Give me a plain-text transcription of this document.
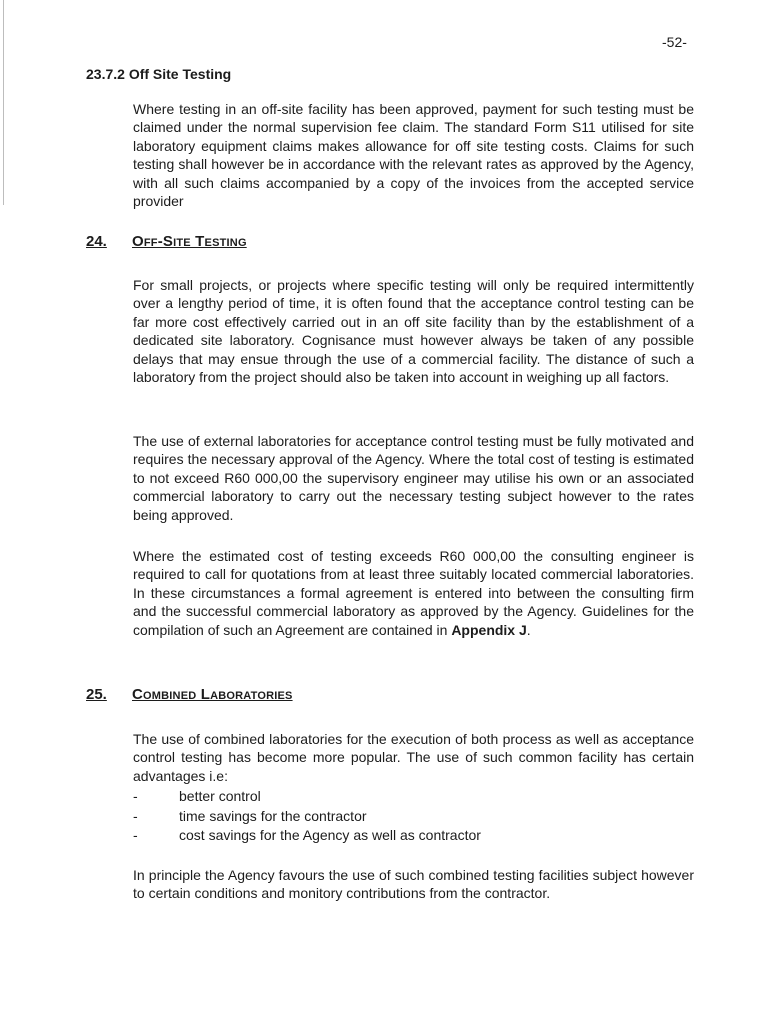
-52-
23.7.2 Off Site Testing

Where testing in an off-site facility has been approved, payment for such testing must be claimed under the normal supervision fee claim. The standard Form S11 utilised for site laboratory equipment claims makes allowance for off site testing costs. Claims for such testing shall however be in accordance with the relevant rates as approved by the Agency, with all such claims accompanied by a copy of the invoices from the accepted service provider

24. Off-Site Testing

For small projects, or projects where specific testing will only be required intermittently over a lengthy period of time, it is often found that the acceptance control testing can be far more cost effectively carried out in an off site facility than by the establishment of a dedicated site laboratory. Cognisance must however always be taken of any possible delays that may ensue through the use of a commercial facility. The distance of such a laboratory from the project should also be taken into account in weighing up all factors.

The use of external laboratories for acceptance control testing must be fully motivated and requires the necessary approval of the Agency. Where the total cost of testing is estimated to not exceed R60 000,00 the supervisory engineer may utilise his own or an associated commercial laboratory to carry out the necessary testing subject however to the rates being approved.

Where the estimated cost of testing exceeds R60 000,00 the consulting engineer is required to call for quotations from at least three suitably located commercial laboratories. In these circumstances a formal agreement is entered into between the consulting firm and the successful commercial laboratory as approved by the Agency. Guidelines for the compilation of such an Agreement are contained in Appendix J.

25. Combined Laboratories

The use of combined laboratories for the execution of both process as well as acceptance control testing has become more popular. The use of such common facility has certain advantages i.e:

-	better control
-	time savings for the contractor
-	cost savings for the Agency as well as contractor

In principle the Agency favours the use of such combined testing facilities subject however to certain conditions and monitory contributions from the contractor.
